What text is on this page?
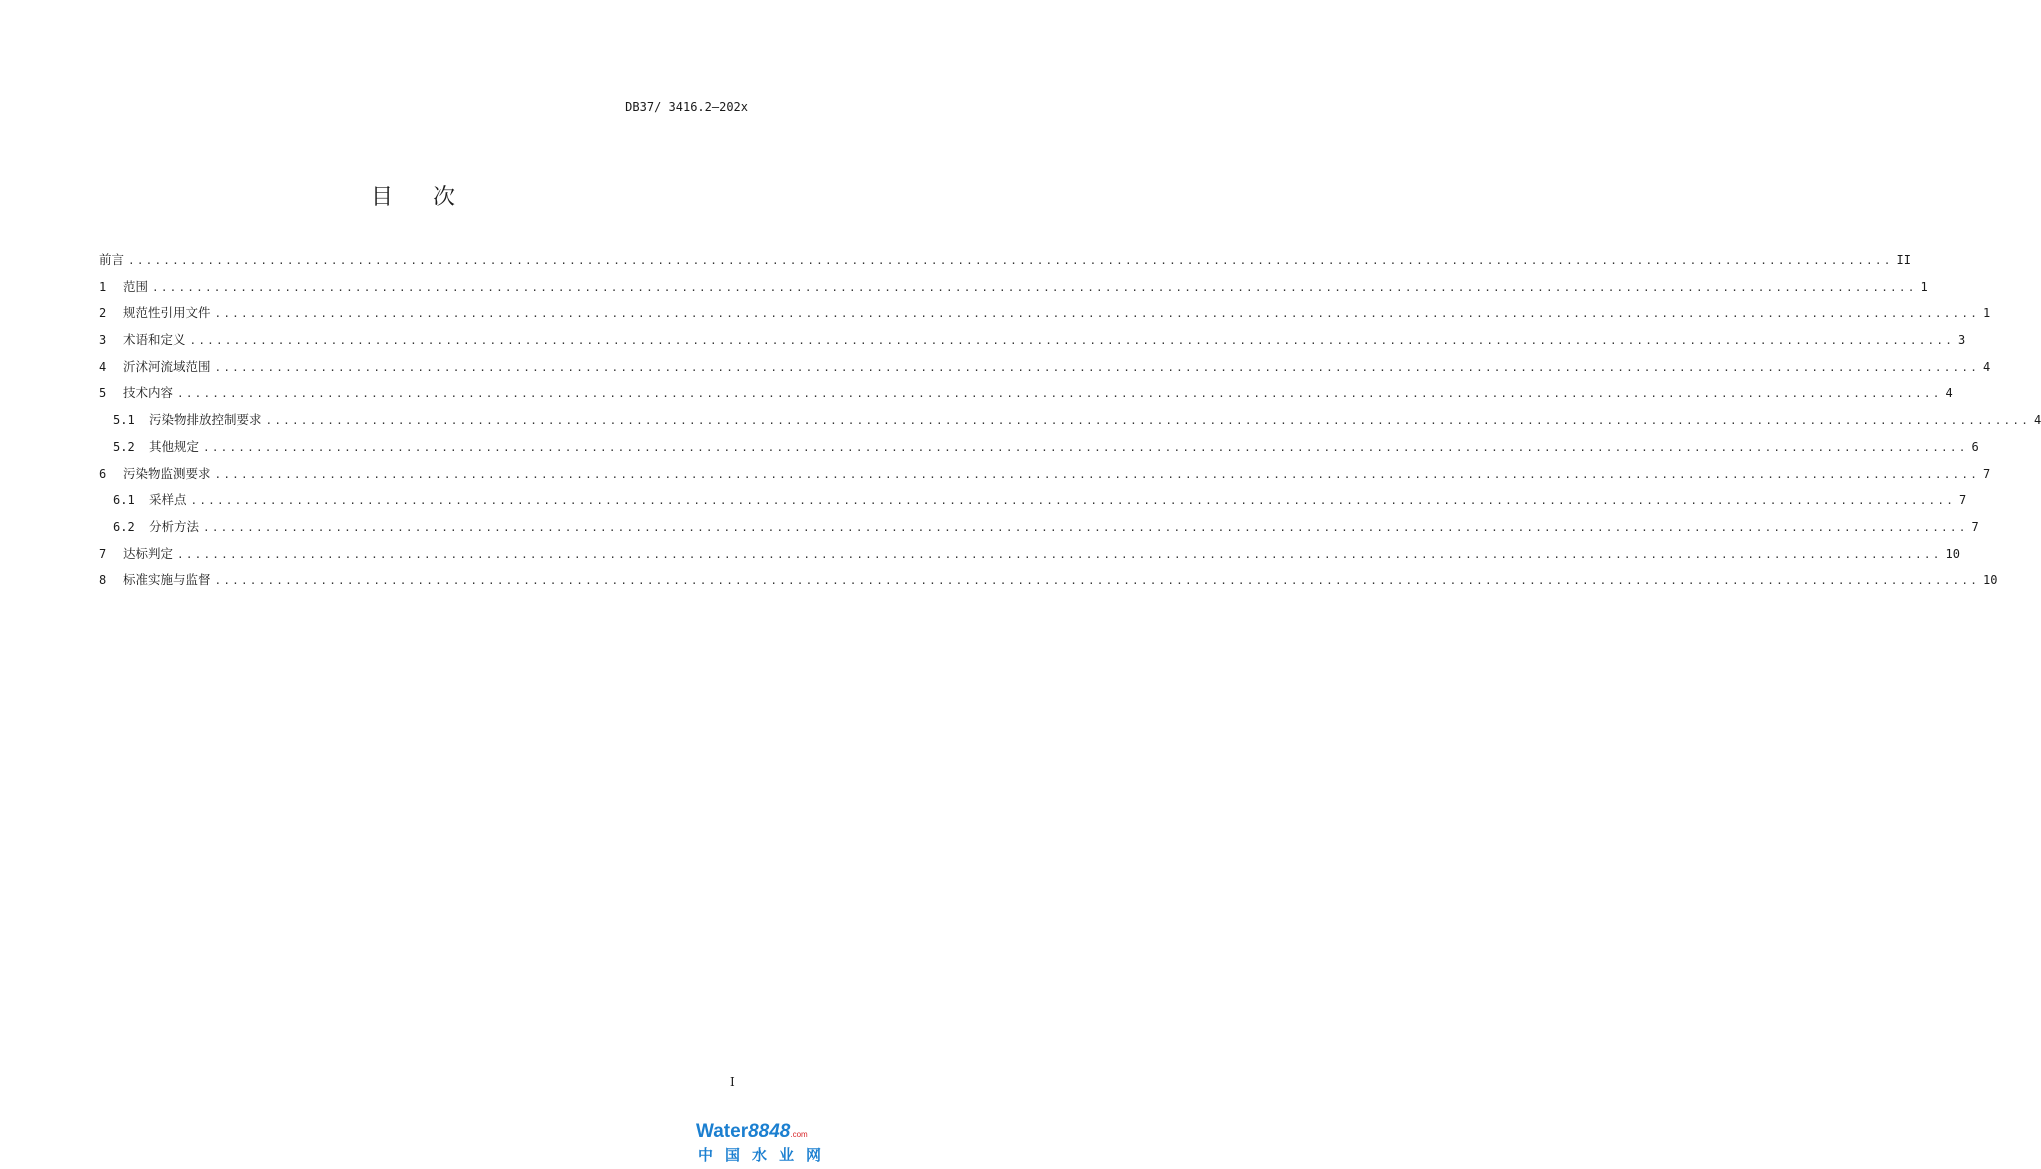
DB37/ 3416.2—202x
目次
前言 ........................................................................................................................................................................................................ II
1	范围 ........................................................................................................................................................................................................ 1
2	规范性引用文件 ........................................................................................................................................................................................................ 1
3	术语和定义 ........................................................................................................................................................................................................ 3
4	沂沭河流域范围 ........................................................................................................................................................................................................ 4
5	技术内容 ........................................................................................................................................................................................................ 4
5.1	污染物排放控制要求 ........................................................................................................................................................................................................ 4
5.2	其他规定 ........................................................................................................................................................................................................ 6
6	污染物监测要求 ........................................................................................................................................................................................................ 7
6.1	采样点 ........................................................................................................................................................................................................ 7
6.2	分析方法 ........................................................................................................................................................................................................ 7
7	达标判定 ........................................................................................................................................................................................................ 10
8	标准实施与监督 ........................................................................................................................................................................................................ 10
I
Water8848.com
中国水业网
